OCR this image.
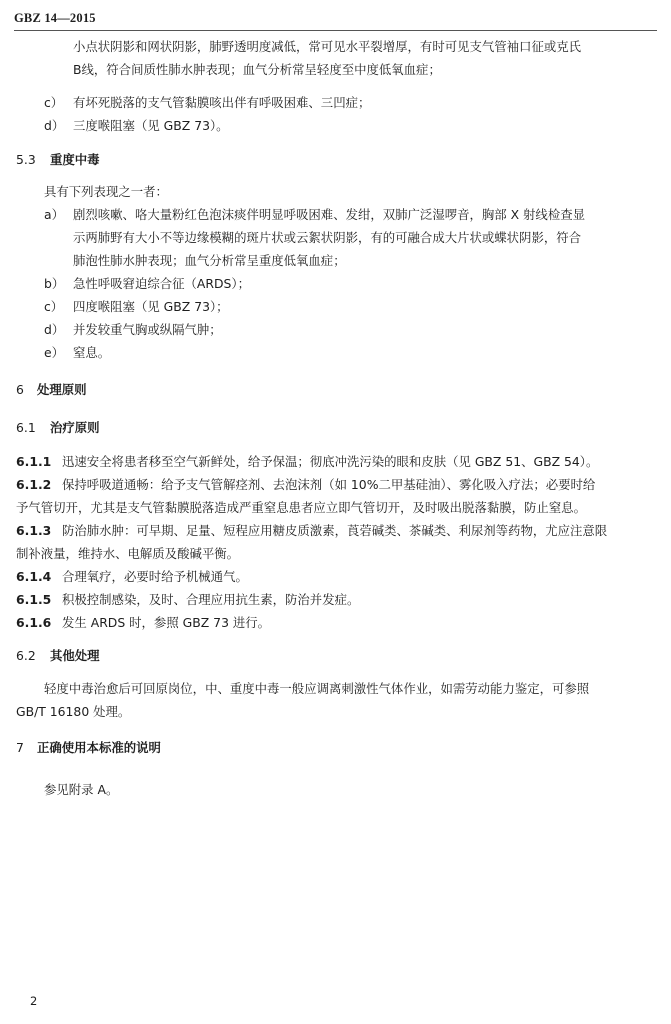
GBZ 14—2015
小点状阴影和网状阴影，肺野透明度减低，常可见水平裂增厚，有时可见支气管袖口征或克氏
B线，符合间质性肺水肿表现；血气分析常呈轻度至中度低氧血症；
c） 有坏死脱落的支气管黏膜咳出伴有呼吸困难、三凹症；
d） 三度喉阻塞（见 GBZ 73）。
5.3 重度中毒
具有下列表现之一者：
a） 剧烈咳嗽、咯大量粉红色泡沫痰伴明显呼吸困难、发绀，双肺广泛湿啰音，胸部 X 射线检查显
示两肺野有大小不等边缘模糊的斑片状或云絮状阴影，有的可融合成大片状或蝶状阴影，符合
肺泡性肺水肿表现；血气分析常呈重度低氧血症；
b） 急性呼吸窘迫综合征（ARDS）；
c） 四度喉阻塞（见 GBZ 73）；
d） 并发较重气胸或纵隔气肿；
e） 窒息。
6 处理原则
6.1 治疗原则
6.1.1 迅速安全将患者移至空气新鲜处，给予保温；彻底冲洗污染的眼和皮肤（见 GBZ 51、GBZ 54）。
6.1.2 保持呼吸道通畅：给予支气管解痉剂、去泡沫剂（如 10%二甲基硅油）、雾化吸入疗法；必要时给
予气管切开，尤其是支气管黏膜脱落造成严重窒息患者应立即气管切开，及时吸出脱落黏膜，防止窒息。
6.1.3 防治肺水肿：可早期、足量、短程应用糖皮质激素，莨菪碱类、茶碱类、利尿剂等药物，尤应注意限
制补液量，维持水、电解质及酸碱平衡。
6.1.4 合理氧疗，必要时给予机械通气。
6.1.5 积极控制感染，及时、合理应用抗生素，防治并发症。
6.1.6 发生 ARDS 时，参照 GBZ 73 进行。
6.2 其他处理
轻度中毒治愈后可回原岗位，中、重度中毒一般应调离刺激性气体作业，如需劳动能力鉴定，可参照
GB/T 16180 处理。
7 正确使用本标准的说明
参见附录 A。
2
